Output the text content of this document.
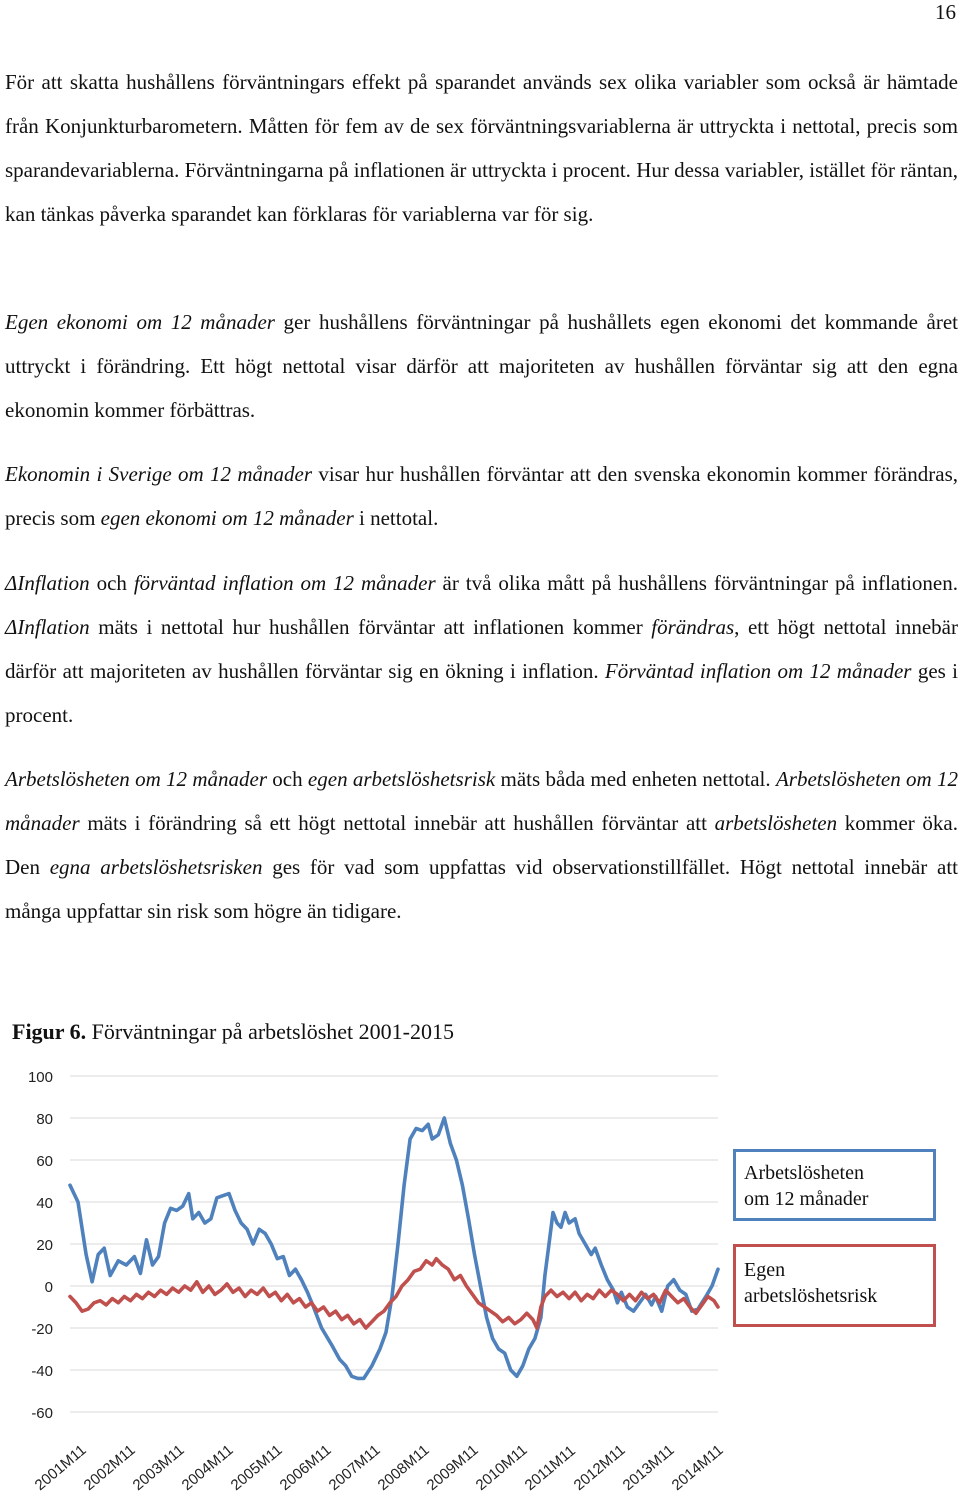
16

För att skatta hushållens förväntningars effekt på sparandet används sex olika variabler som också är hämtade från Konjunkturbarometern. Måtten för fem av de sex förväntningsvariablerna är uttryckta i nettotal, precis som sparandevariablerna. Förväntningarna på inflationen är uttryckta i procent. Hur dessa variabler, istället för räntan, kan tänkas påverka sparandet kan förklaras för variablerna var för sig.

Egen ekonomi om 12 månader ger hushållens förväntningar på hushållets egen ekonomi det kommande året uttryckt i förändring. Ett högt nettotal visar därför att majoriteten av hushållen förväntar sig att den egna ekonomin kommer förbättras.

Ekonomin i Sverige om 12 månader visar hur hushållen förväntar att den svenska ekonomin kommer förändras, precis som egen ekonomi om 12 månader i nettotal.

ΔInflation och förväntad inflation om 12 månader är två olika mått på hushållens förväntningar på inflationen. ΔInflation mäts i nettotal hur hushållen förväntar att inflationen kommer förändras, ett högt nettotal innebär därför att majoriteten av hushållen förväntar sig en ökning i inflation. Förväntad inflation om 12 månader ges i procent.

Arbetslösheten om 12 månader och egen arbetslöshetsrisk mäts båda med enheten nettotal. Arbetslösheten om 12 månader mäts i förändring så ett högt nettotal innebär att hushållen förväntar att arbetslösheten kommer öka. Den egna arbetslöshetsrisken ges för vad som uppfattas vid observationstillfället. Högt nettotal innebär att många uppfattar sin risk som högre än tidigare.

Figur 6. Förväntningar på arbetslöshet 2001-2015
100
80
60
40
20
0
-20
-40
-60
2001M11
2002M11
2003M11
2004M11
2005M11
2006M11
2007M11
2008M11
2009M11
2010M11
2011M11
2012M11
2013M11
2014M11
Arbetslösheten
om 12 månader
Egen
arbetslöshetsrisk
